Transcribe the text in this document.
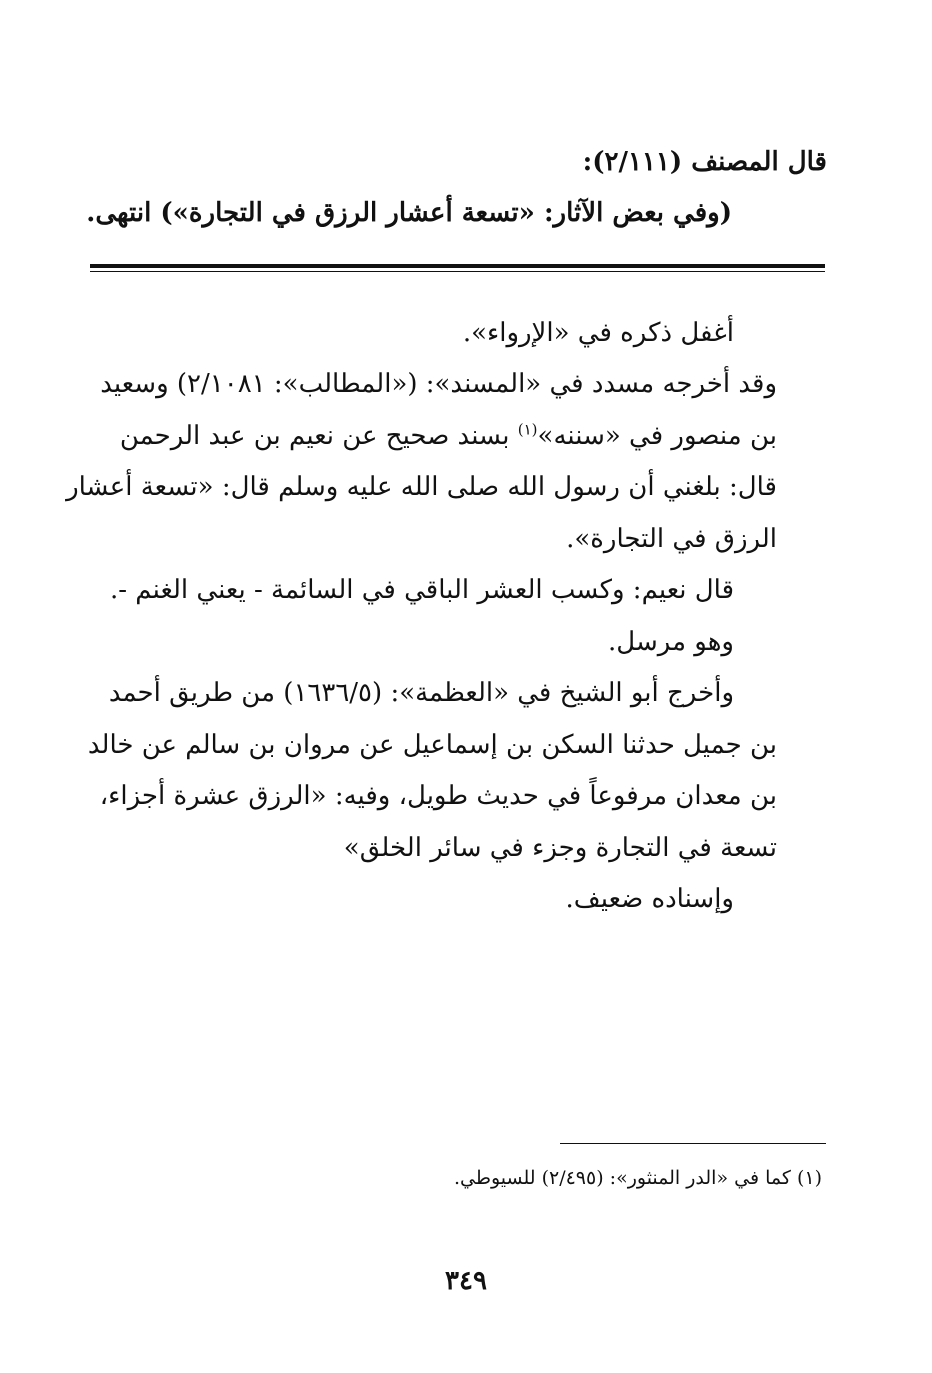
قال المصنف (٢/١١١):
(وفي بعض الآثار: «تسعة أعشار الرزق في التجارة») انتهى.
أغفل ذكره في «الإرواء».
وقد أخرجه مسدد في «المسند»: («المطالب»: ٢/١٠٨١) وسعيد
بن منصور في «سننه»$^{(١)}$ بسند صحيح عن نعيم بن عبد الرحمن
قال: بلغني أن رسول الله صلى الله عليه وسلم قال: «تسعة أعشار
الرزق في التجارة».
قال نعيم: وكسب العشر الباقي في السائمة - يعني الغنم -.
وهو مرسل.
وأخرج أبو الشيخ في «العظمة»: (١٦٣٦/٥) من طريق أحمد
بن جميل حدثنا السكن بن إسماعيل عن مروان بن سالم عن خالد
بن معدان مرفوعاً في حديث طويل، وفيه: «الرزق عشرة أجزاء،
تسعة في التجارة وجزء في سائر الخلق»
وإسناده ضعيف.
(١) كما في «الدر المنثور»: (٢/٤٩٥) للسيوطي.
٣٤٩
